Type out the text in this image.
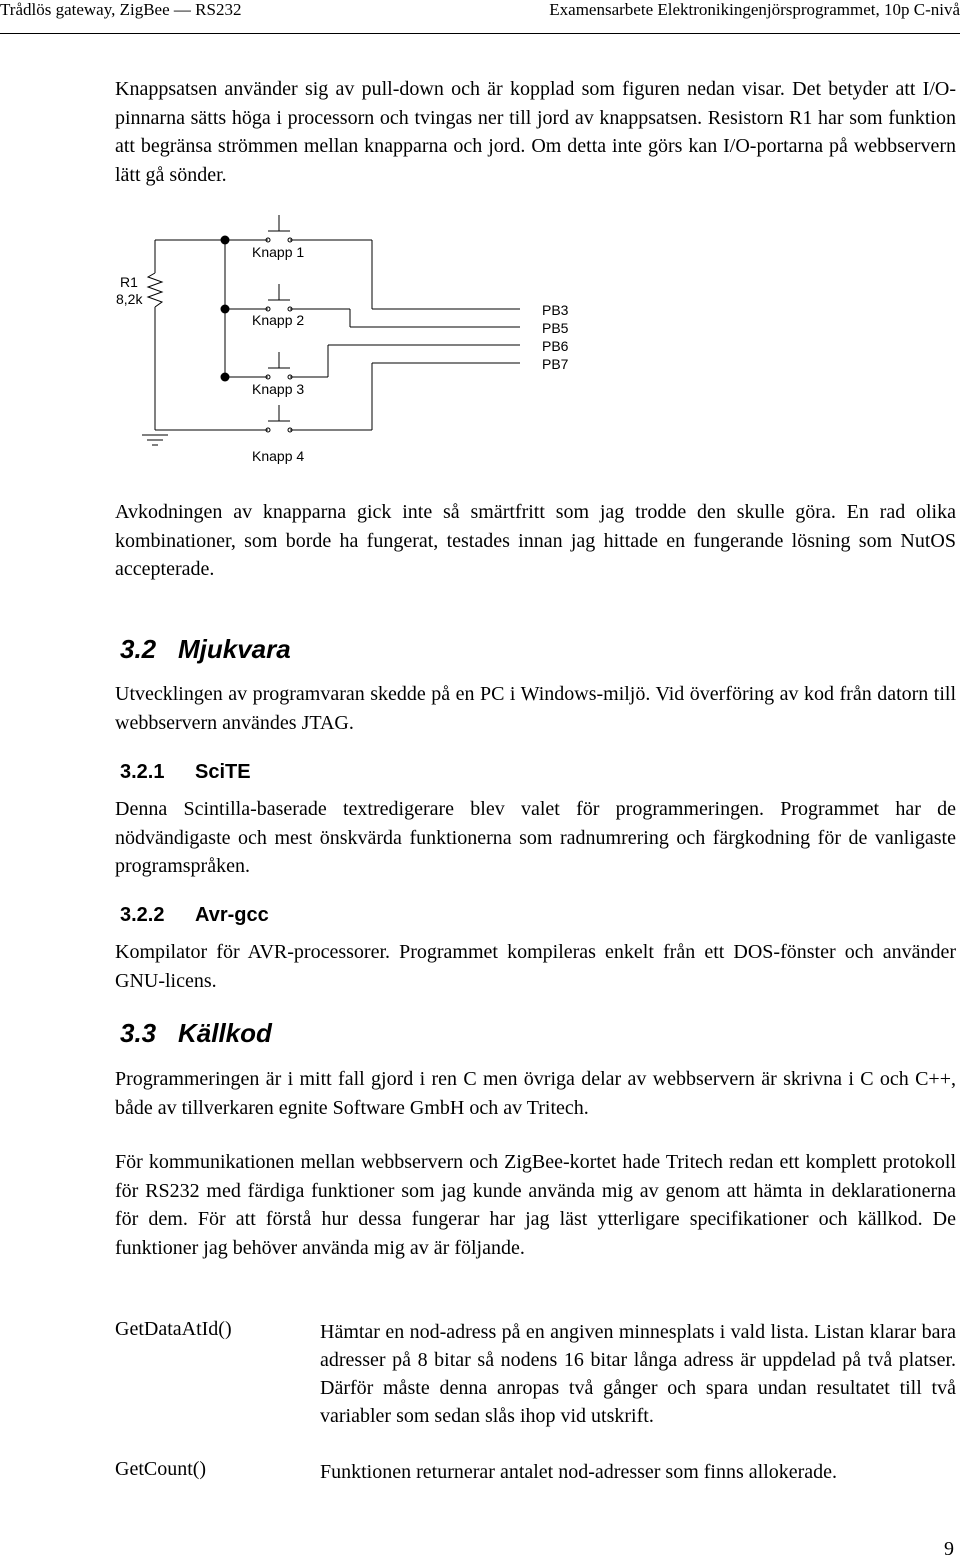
Trådlös gateway, ZigBee — RS232	Examensarbete Elektronikingenjörsprogrammet, 10p C-nivå
Knappsatsen använder sig av pull-down och är kopplad som figuren nedan visar. Det betyder att I/O-pinnarna sätts höga i processorn och tvingas ner till jord av knappsatsen. Resistorn R1 har som funktion att begränsa strömmen mellan knapparna och jord. Om detta inte görs kan I/O-portarna på webbservern lätt gå sönder.
R1
8,2k
Knapp 1
Knapp 2
Knapp 3
Knapp 4
PB3
PB5
PB6
PB7
Avkodningen av knapparna gick inte så smärtfritt som jag trodde den skulle göra. En rad olika kombinationer, som borde ha fungerat, testades innan jag hittade en fungerande lösning som NutOS accepterade.
3.2 Mjukvara
Utvecklingen av programvaran skedde på en PC i Windows-miljö. Vid överföring av kod från datorn till webbservern användes JTAG.
3.2.1 SciTE
Denna Scintilla-baserade textredigerare blev valet för programmeringen. Programmet har de nödvändigaste och mest önskvärda funktionerna som radnumrering och färgkodning för de vanligaste programspråken.
3.2.2 Avr-gcc
Kompilator för AVR-processorer. Programmet kompileras enkelt från ett DOS-fönster och använder GNU-licens.
3.3 Källkod
Programmeringen är i mitt fall gjord i ren C men övriga delar av webbservern är skrivna i C och C++, både av tillverkaren egnite Software GmbH och av Tritech.
För kommunikationen mellan webbservern och ZigBee-kortet hade Tritech redan ett komplett protokoll för RS232 med färdiga funktioner som jag kunde använda mig av genom att hämta in deklarationerna för dem. För att förstå hur dessa fungerar har jag läst ytterligare specifikationer och källkod. De funktioner jag behöver använda mig av är följande.
GetDataAtId()	Hämtar en nod-adress på en angiven minnesplats i vald lista. Listan klarar bara adresser på 8 bitar så nodens 16 bitar långa adress är uppdelad på två platser. Därför måste denna anropas två gånger och spara undan resultatet till två variabler som sedan slås ihop vid utskrift.
GetCount()	Funktionen returnerar antalet nod-adresser som finns allokerade.
9
